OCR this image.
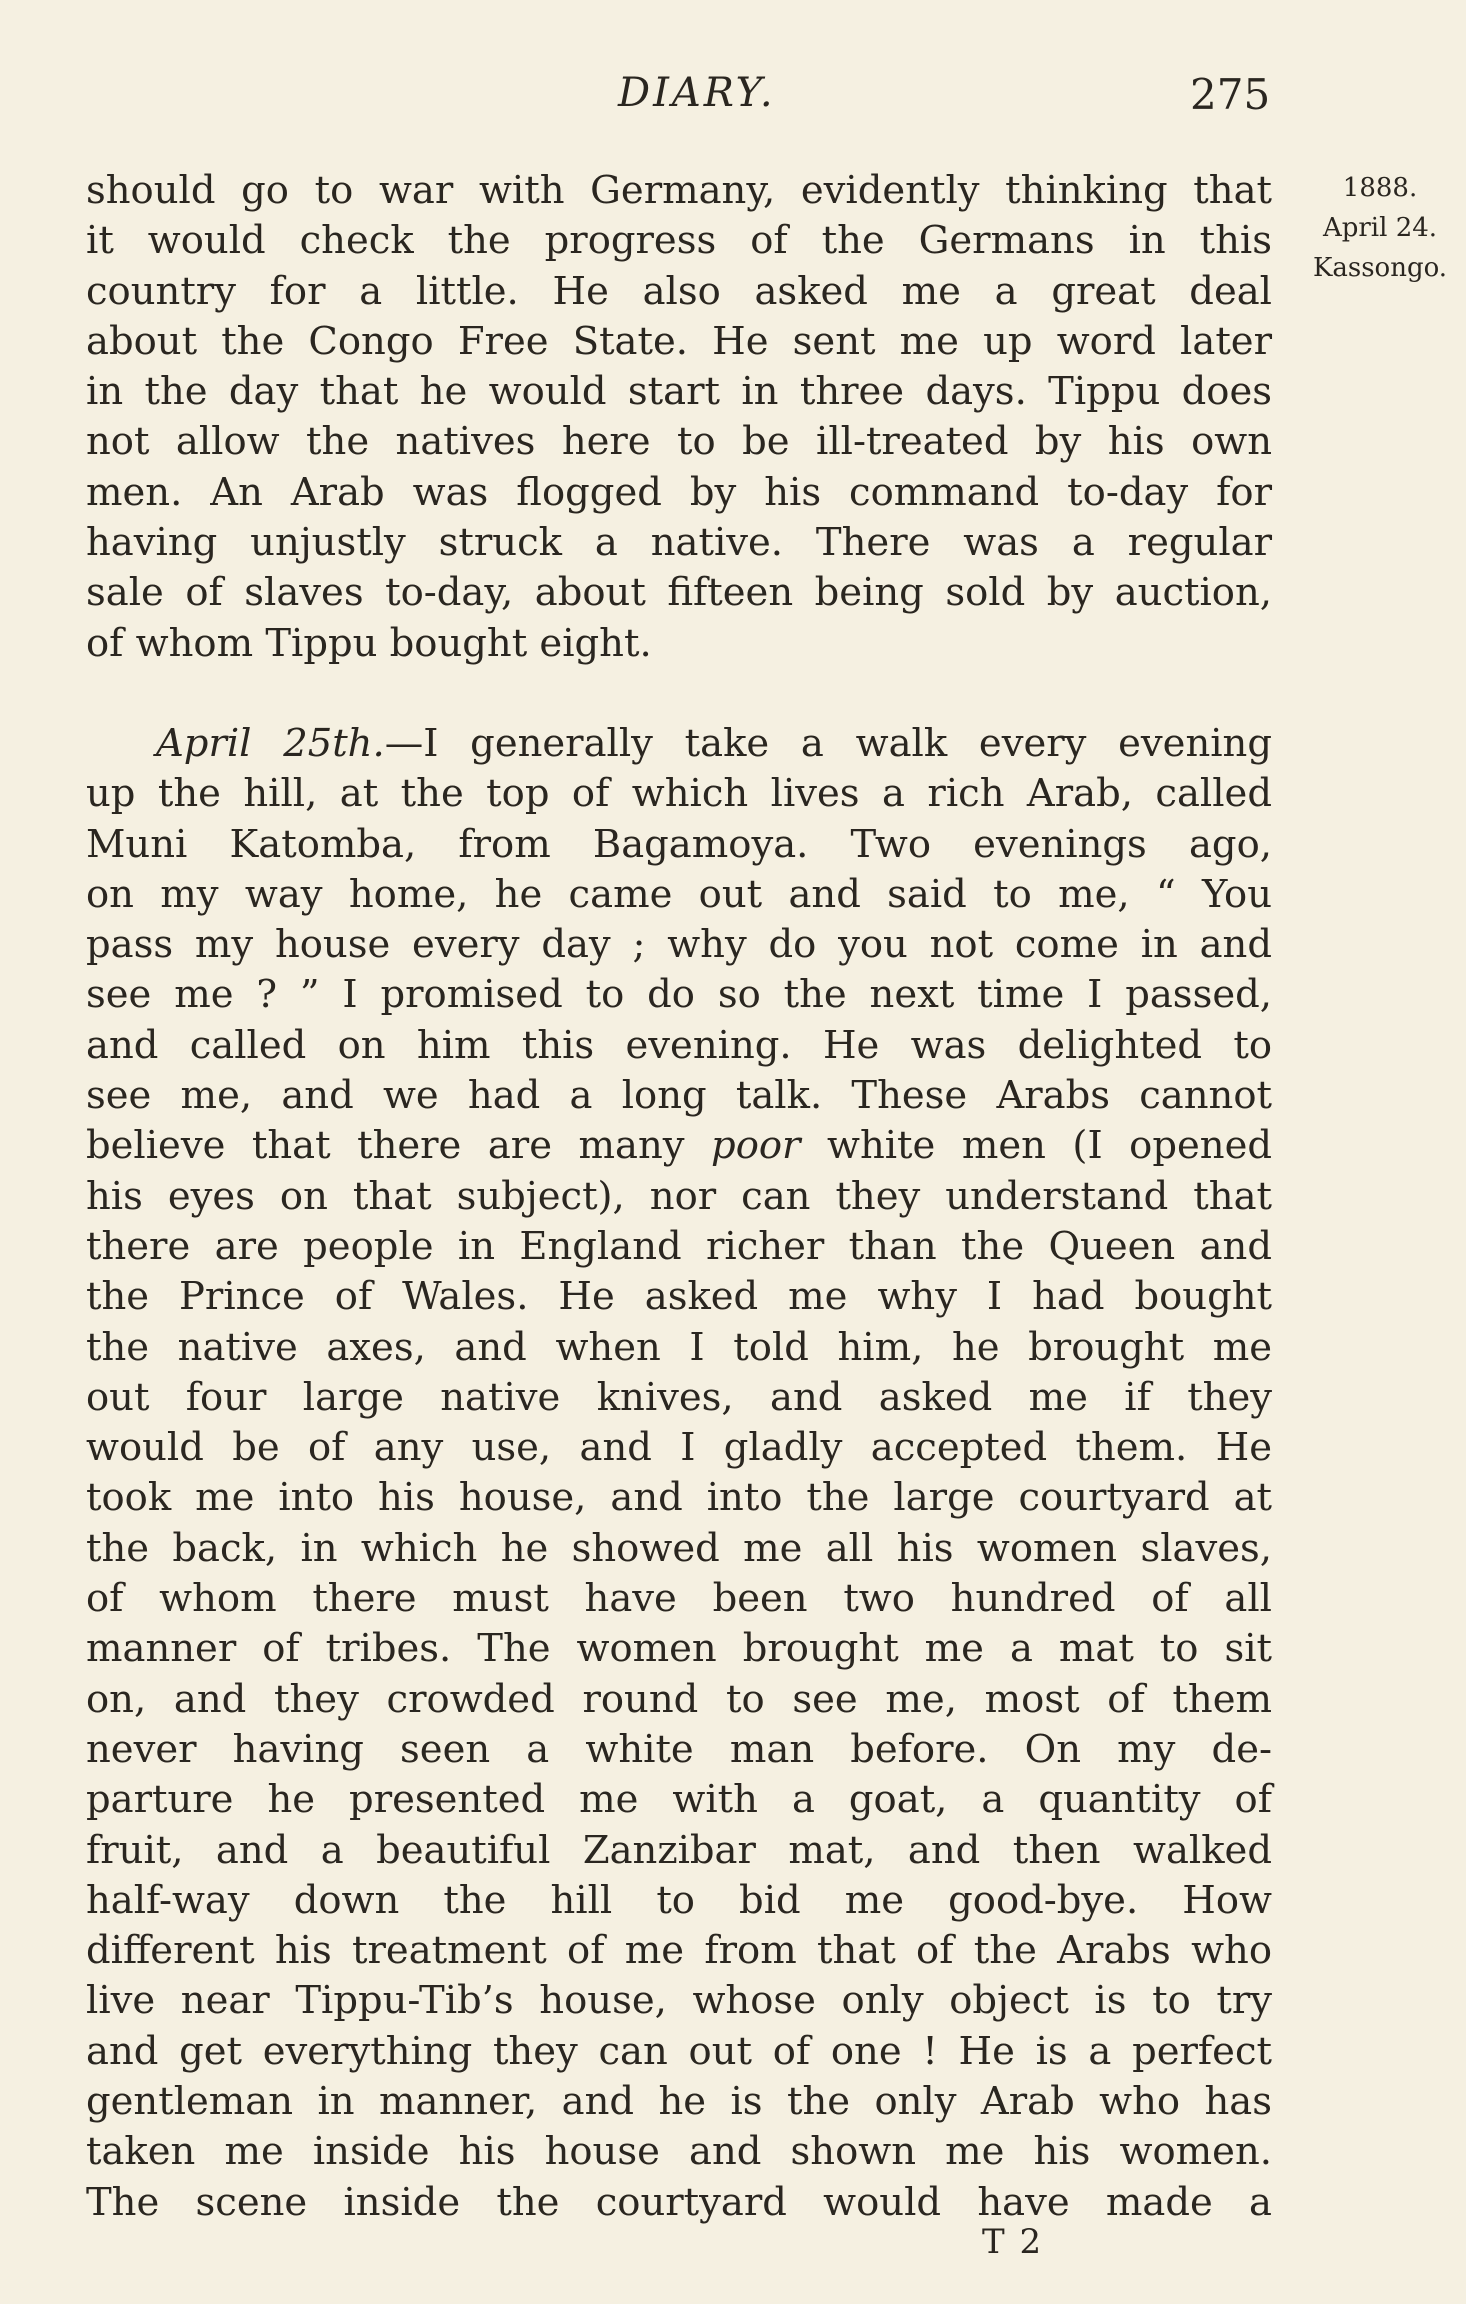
DIARY.	275
1888.
April 24.
Kassongo.
should go to war with Germany, evidently thinking that
it would check the progress of the Germans in this
country for a little. He also asked me a great deal
about the Congo Free State. He sent me up word later
in the day that he would start in three days. Tippu does
not allow the natives here to be ill-treated by his own
men. An Arab was flogged by his command to-day for
having unjustly struck a native. There was a regular
sale of slaves to-day, about fifteen being sold by auction,
of whom Tippu bought eight.
April 25th.—I generally take a walk every evening
up the hill, at the top of which lives a rich Arab, called
Muni Katomba, from Bagamoya. Two evenings ago,
on my way home, he came out and said to me, “ You
pass my house every day ; why do you not come in and
see me ? ” I promised to do so the next time I passed,
and called on him this evening. He was delighted to
see me, and we had a long talk. These Arabs cannot
believe that there are many poor white men (I opened
his eyes on that subject), nor can they understand that
there are people in England richer than the Queen and
the Prince of Wales. He asked me why I had bought
the native axes, and when I told him, he brought me
out four large native knives, and asked me if they
would be of any use, and I gladly accepted them. He
took me into his house, and into the large courtyard at
the back, in which he showed me all his women slaves,
of whom there must have been two hundred of all
manner of tribes. The women brought me a mat to sit
on, and they crowded round to see me, most of them
never having seen a white man before. On my de-
parture he presented me with a goat, a quantity of
fruit, and a beautiful Zanzibar mat, and then walked
half-way down the hill to bid me good-bye. How
different his treatment of me from that of the Arabs who
live near Tippu-Tib’s house, whose only object is to try
and get everything they can out of one ! He is a perfect
gentleman in manner, and he is the only Arab who has
taken me inside his house and shown me his women.
The scene inside the courtyard would have made a
T 2
